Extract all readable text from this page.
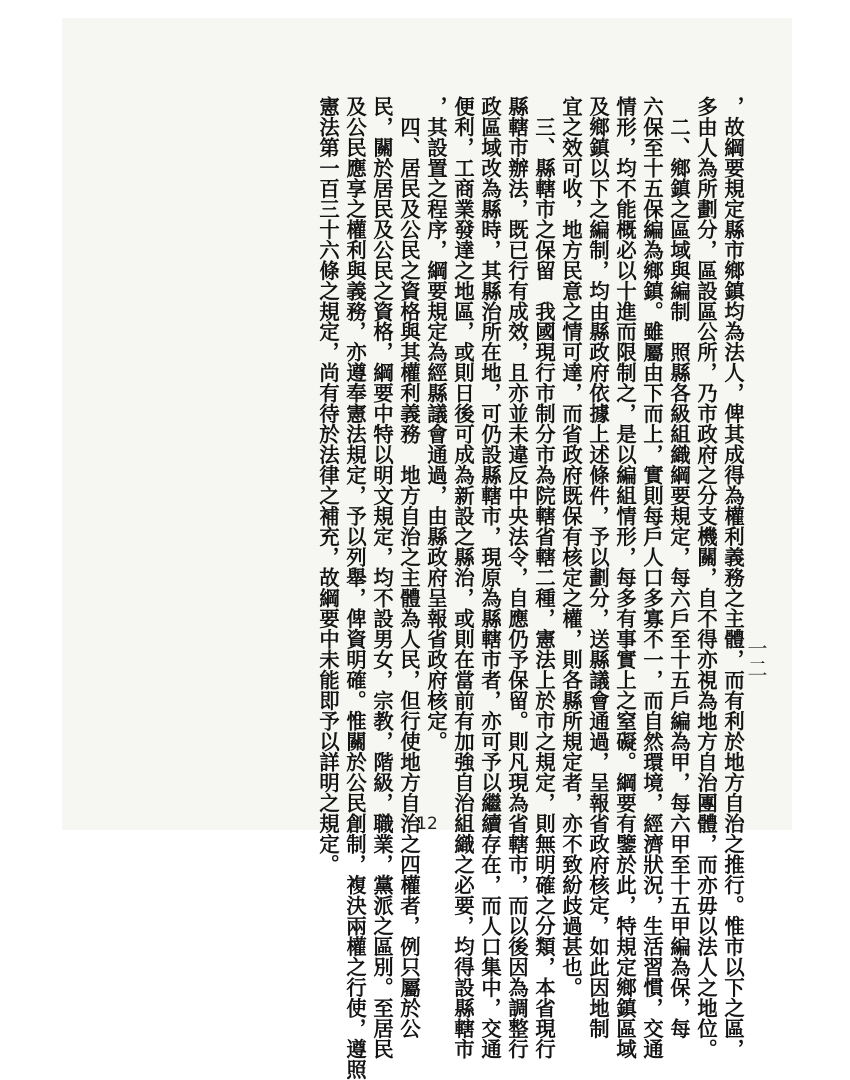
，故綱要規定縣市鄉鎮均為法人，俾其成得為權利義務之主體，而有利於地方自治之推行。惟市以下之區，

多由人為所劃分，區設區公所，乃市政府之分支機關，自不得亦視為地方自治團體，而亦毋以法人之地位。

　二、鄉鎮之區域與編制　照縣各級組織綱要規定，每六戶至十五戶編為甲，每六甲至十五甲編為保，每

六保至十五保編為鄉鎮。雖屬由下而上，實則每戶人口多寡不一，而自然環境，經濟狀況，生活習慣，交通

情形，均不能概必以十進而限制之，是以編組情形，每多有事實上之窒礙。綱要有鑒於此，特規定鄉鎮區域

及鄉鎮以下之編制，均由縣政府依據上述條件，予以劃分，送縣議會通過，呈報省政府核定，如此因地制

宜之效可收，地方民意之情可達，而省政府既保有核定之權，則各縣所規定者，亦不致紛歧過甚也。

　三、縣轄市之保留　我國現行市制分市為院轄省轄二種，憲法上於市之規定，則無明確之分類，本省現行

縣轄市辦法，既已行有成效，且亦並未違反中央法令，自應仍予保留。則凡現為省轄市，而以後因為調整行

政區域改為縣時，其縣治所在地，可仍設縣轄市，現原為縣轄市者，亦可予以繼續存在，而人口集中，交通

便利，工商業發達之地區，或則日後可成為新設之縣治，或則在當前有加強自治組織之必要，均得設縣轄市

，其設置之程序，綱要規定為經縣議會通過，由縣政府呈報省政府核定。

　四、居民及公民之資格與其權利義務　地方自治之主體為人民，但行使地方自治之四權者，例只屬於公

民，關於居民及公民之資格，綱要中特以明文規定，均不設男女，宗教，階級，職業，黨派之區別。至居民

及公民應享之權利與義務，亦遵奉憲法規定，予以列舉，俾資明確。惟關於公民創制，複決兩權之行使，遵照

憲法第一百三十六條之規定，尚有待於法律之補充，故綱要中未能即予以詳明之規定。	一二
12
